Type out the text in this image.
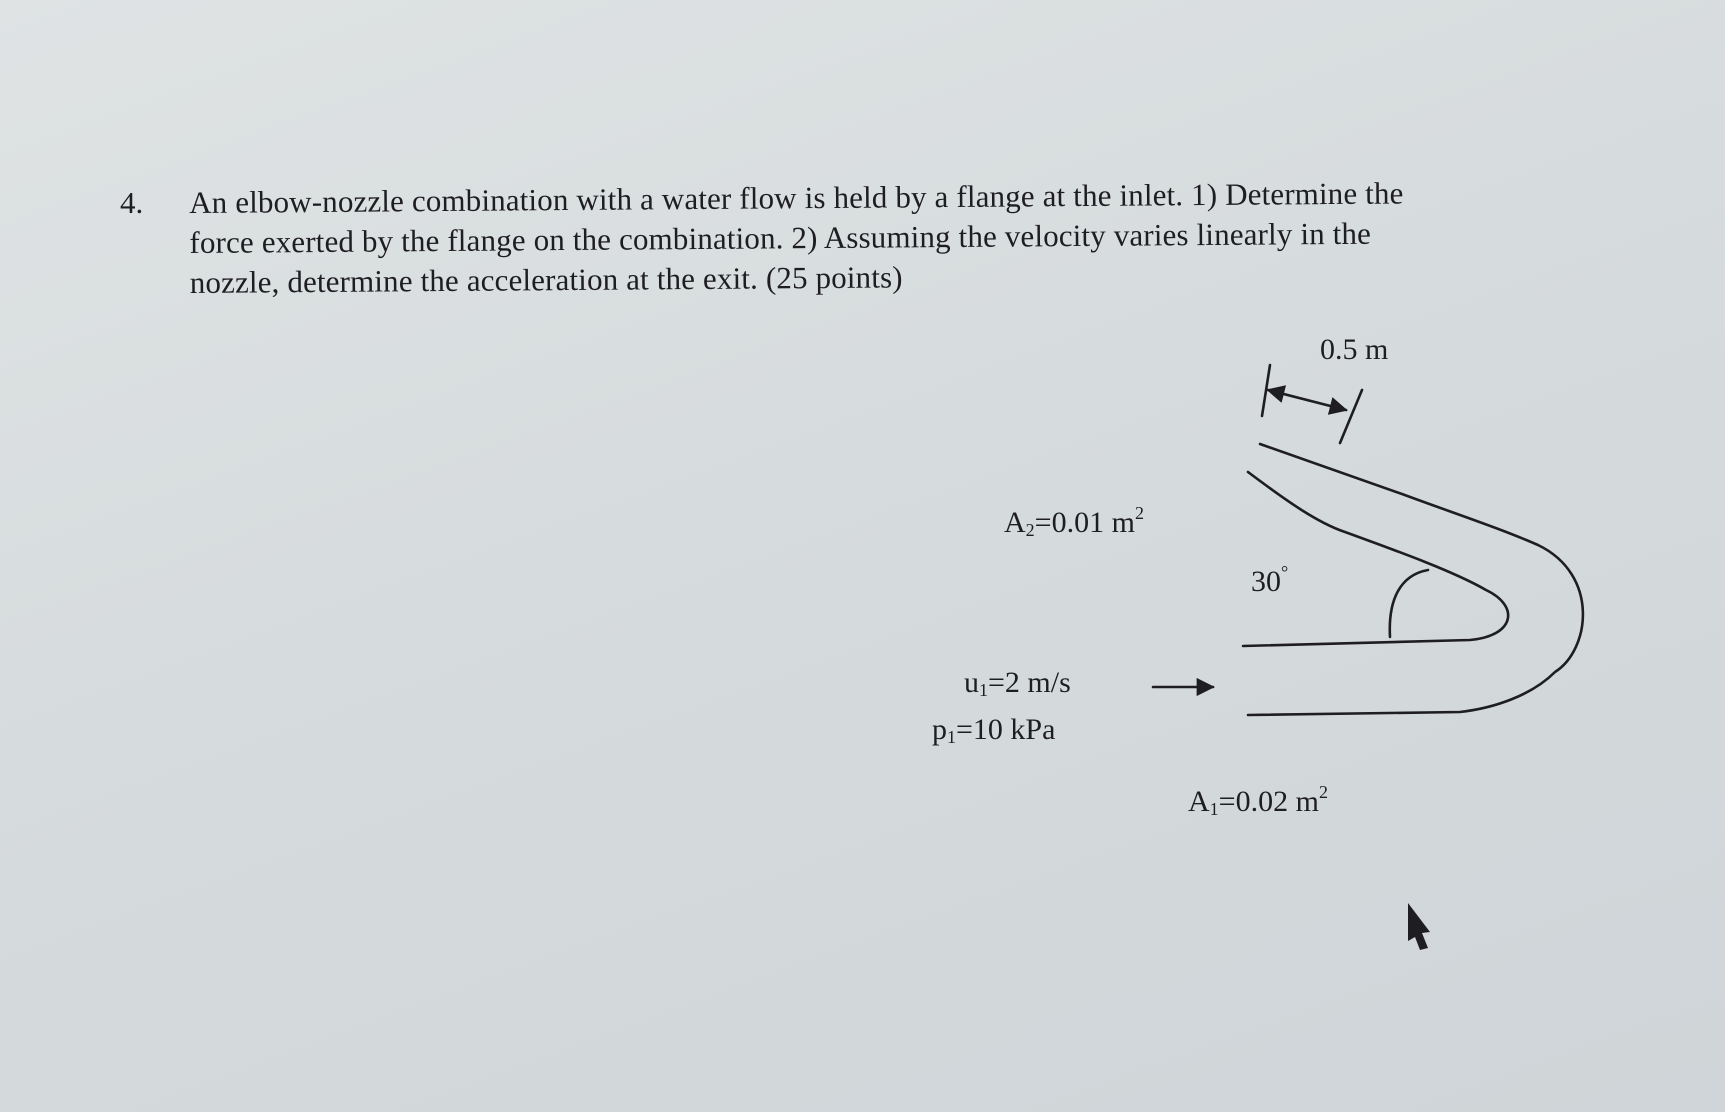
4. An elbow-nozzle combination with a water flow is held by a flange at the inlet. 1) Determine the
force exerted by the flange on the combination. 2) Assuming the velocity varies linearly in the
nozzle, determine the acceleration at the exit. (25 points)
0.5 m
$A_2=0.01$ $m^2$
30°
$u_1=2$ m/s
$p_1=10$ kPa
$A_1=0.02$ $m^2$
